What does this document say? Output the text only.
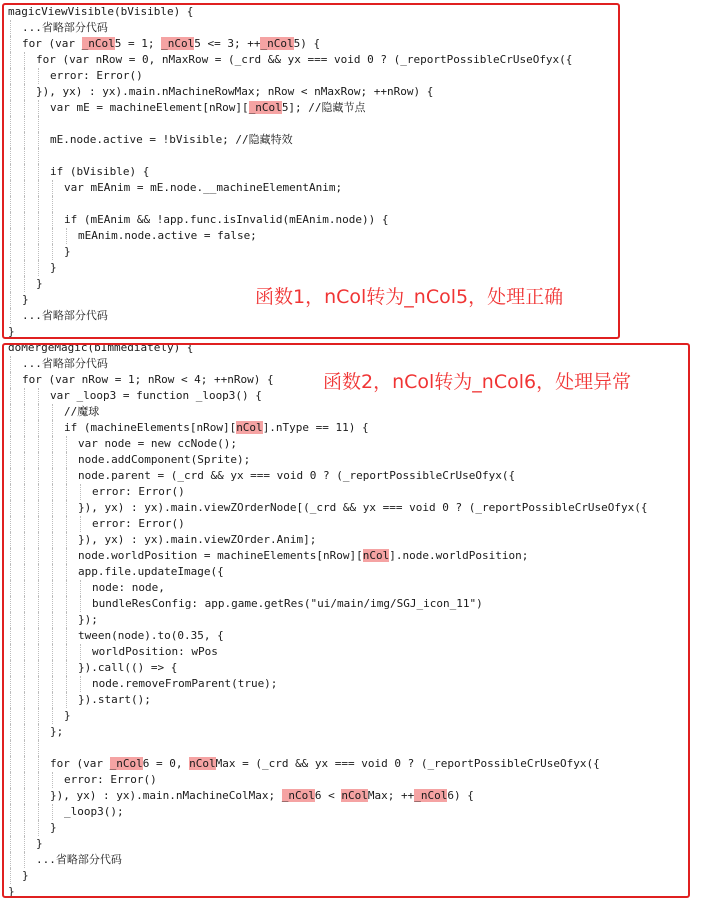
magicViewVisible(bVisible) {
...省略部分代码
for (var _nCol5 = 1; _nCol5 <= 3; ++_nCol5) {
for (var nRow = 0, nMaxRow = (_crd && yx === void 0 ? (_reportPossibleCrUseOfyx({
error: Error()
}), yx) : yx).main.nMachineRowMax; nRow < nMaxRow; ++nRow) {
var mE = machineElement[nRow][_nCol5]; //隐藏节点
mE.node.active = !bVisible; //隐藏特效
if (bVisible) {
var mEAnim = mE.node.__machineElementAnim;
if (mEAnim && !app.func.isInvalid(mEAnim.node)) {
mEAnim.node.active = false;
}
}
}
}
...省略部分代码
}
doMergeMagic(bImmediately) {
...省略部分代码
for (var nRow = 1; nRow < 4; ++nRow) {
var _loop3 = function _loop3() {
//魔球
if (machineElements[nRow][nCol].nType == 11) {
var node = new ccNode();
node.addComponent(Sprite);
node.parent = (_crd && yx === void 0 ? (_reportPossibleCrUseOfyx({
error: Error()
}), yx) : yx).main.viewZOrderNode[(_crd && yx === void 0 ? (_reportPossibleCrUseOfyx({
error: Error()
}), yx) : yx).main.viewZOrder.Anim];
node.worldPosition = machineElements[nRow][nCol].node.worldPosition;
app.file.updateImage({
node: node,
bundleResConfig: app.game.getRes("ui/main/img/SGJ_icon_11")
});
tween(node).to(0.35, {
worldPosition: wPos
}).call(() => {
node.removeFromParent(true);
}).start();
}
};
for (var _nCol6 = 0, nColMax = (_crd && yx === void 0 ? (_reportPossibleCrUseOfyx({
error: Error()
}), yx) : yx).main.nMachineColMax; _nCol6 < nColMax; ++_nCol6) {
_loop3();
}
}
...省略部分代码
}
}
函数1，nCol转为_nCol5，处理正确
函数2，nCol转为_nCol6，处理异常
